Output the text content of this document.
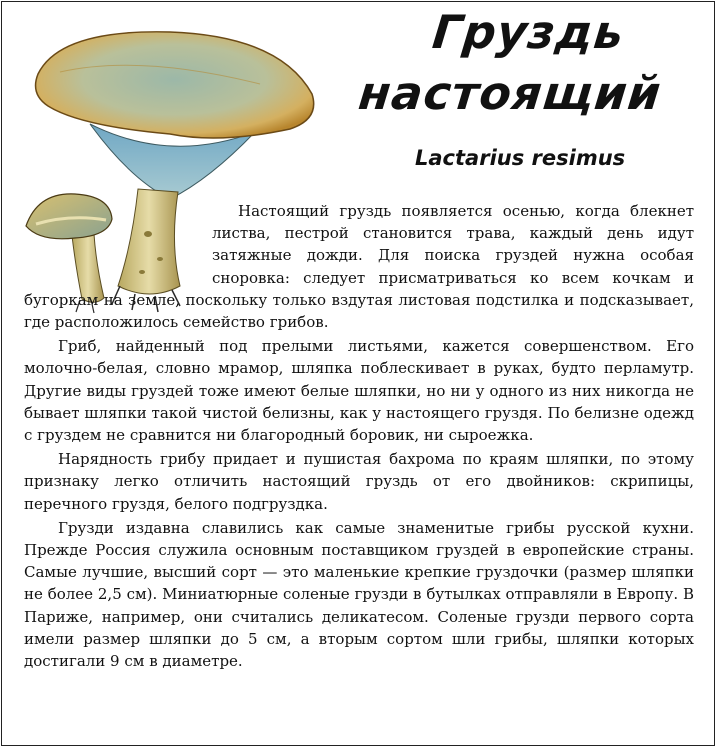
Груздь
настоящий

Lactarius resimus

Настоящий груздь появляется осенью, когда блекнет листва, пестрой становится трава, каждый день идут затяжные дожди. Для поиска груздей нужна особая сноровка: следует присматриваться ко всем кочкам и бугоркам на земле, поскольку только вздутая листовая подстилка и подсказывает, где расположилось семейство грибов.

Гриб, найденный под прелыми листьями, кажется совершенством. Его молочно-белая, словно мрамор, шляпка поблескивает в руках, будто перламутр. Другие виды груздей тоже имеют белые шляпки, но ни у одного из них никогда не бывает шляпки такой чистой белизны, как у настоящего груздя. По белизне одежд с груздем не сравнится ни благородный боровик, ни сыроежка.

Нарядность грибу придает и пушистая бахрома по краям шляпки, по этому признаку легко отличить настоящий груздь от его двойников: скрипицы, перечного груздя, белого подгруздка.

Грузди издавна славились как самые знаменитые грибы русской кухни. Прежде Россия служила основным поставщиком груздей в европейские страны. Самые лучшие, высший сорт — это маленькие крепкие груздочки (размер шляпки не более 2,5 см). Миниатюрные соленые грузди в бутылках отправляли в Европу. В Париже, например, они считались деликатесом. Соленые грузди первого сорта имели размер шляпки до 5 см, а вторым сортом шли грибы, шляпки которых достигали 9 см в диаметре.
